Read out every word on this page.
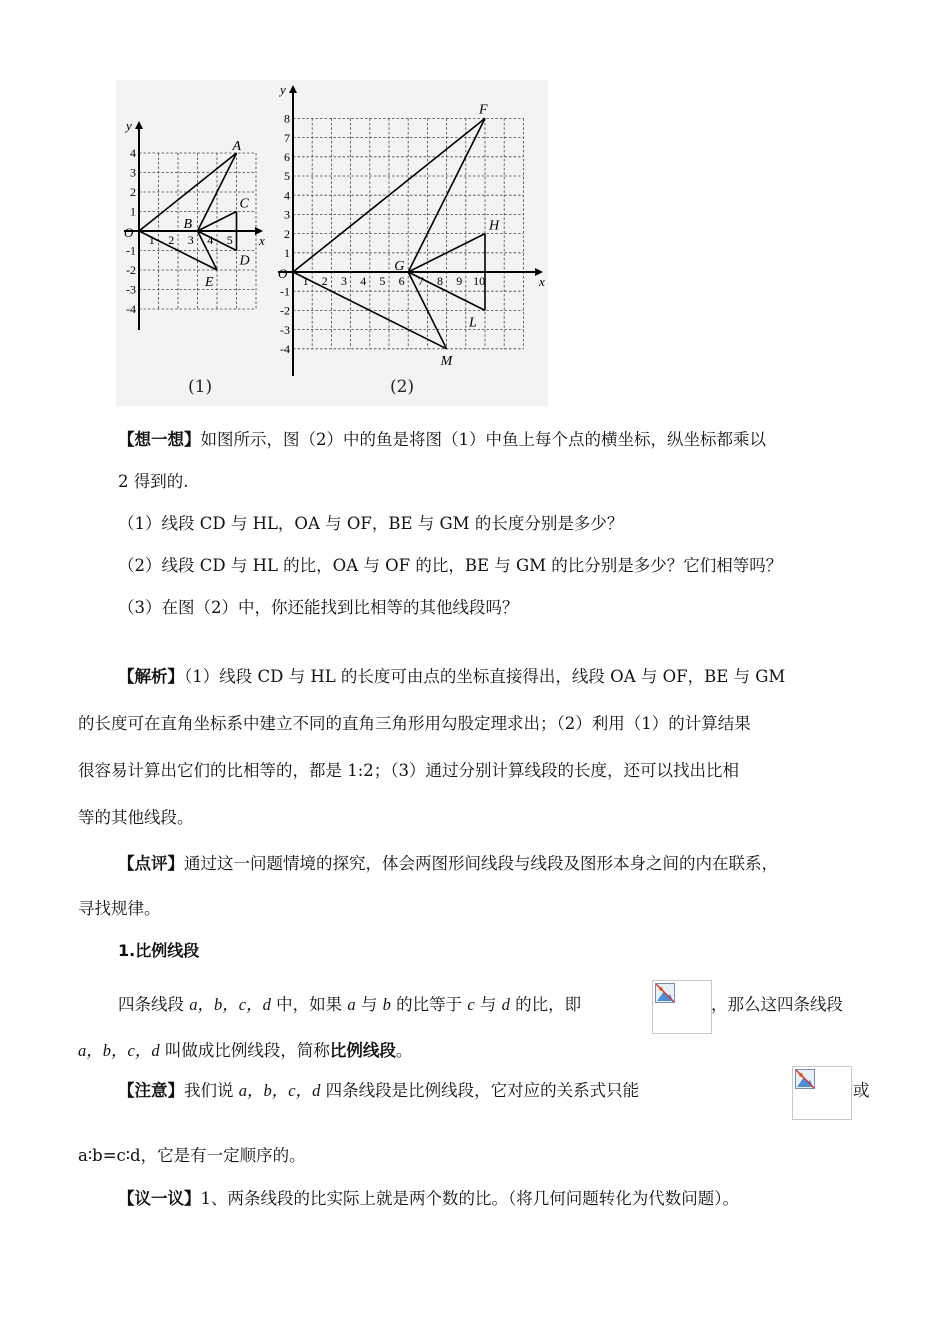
x
y
O 1 2 3 4 5
4
3
2
1
-1
-2
-3
-4
A
B
C
D
E	x
y
O 1 2 3 4 5 6 7 8 9 10
8
7
6
5
4
3
2
1
-1
-2
-3
-4
F
G
H
L
M
(1)	(2)
【想一想】如图所示，图（2）中的鱼是将图（1）中鱼上每个点的横坐标，纵坐标都乘以
2 得到的.
（1）线段 CD 与 HL，OA 与 OF，BE 与 GM 的长度分别是多少？
（2）线段 CD 与 HL 的比，OA 与 OF 的比，BE 与 GM 的比分别是多少？它们相等吗？
（3）在图（2）中，你还能找到比相等的其他线段吗？
【解析】（1）线段 CD 与 HL 的长度可由点的坐标直接得出，线段 OA 与 OF，BE 与 GM
的长度可在直角坐标系中建立不同的直角三角形用勾股定理求出；（2）利用（1）的计算结果
很容易计算出它们的比相等的，都是 1:2；（3）通过分别计算线段的长度，还可以找出比相
等的其他线段。
【点评】通过这一问题情境的探究，体会两图形间线段与线段及图形本身之间的内在联系，
寻找规律。
1.比例线段
四条线段 a，b，c，d 中，如果 a 与 b 的比等于 c 与 d 的比，即	，那么这四条线段
a，b，c，d 叫做成比例线段，简称比例线段。
【注意】我们说 a，b，c，d 四条线段是比例线段，它对应的关系式只能	或
a∶b=c∶d，它是有一定顺序的。
【议一议】1、两条线段的比实际上就是两个数的比。（将几何问题转化为代数问题）。
